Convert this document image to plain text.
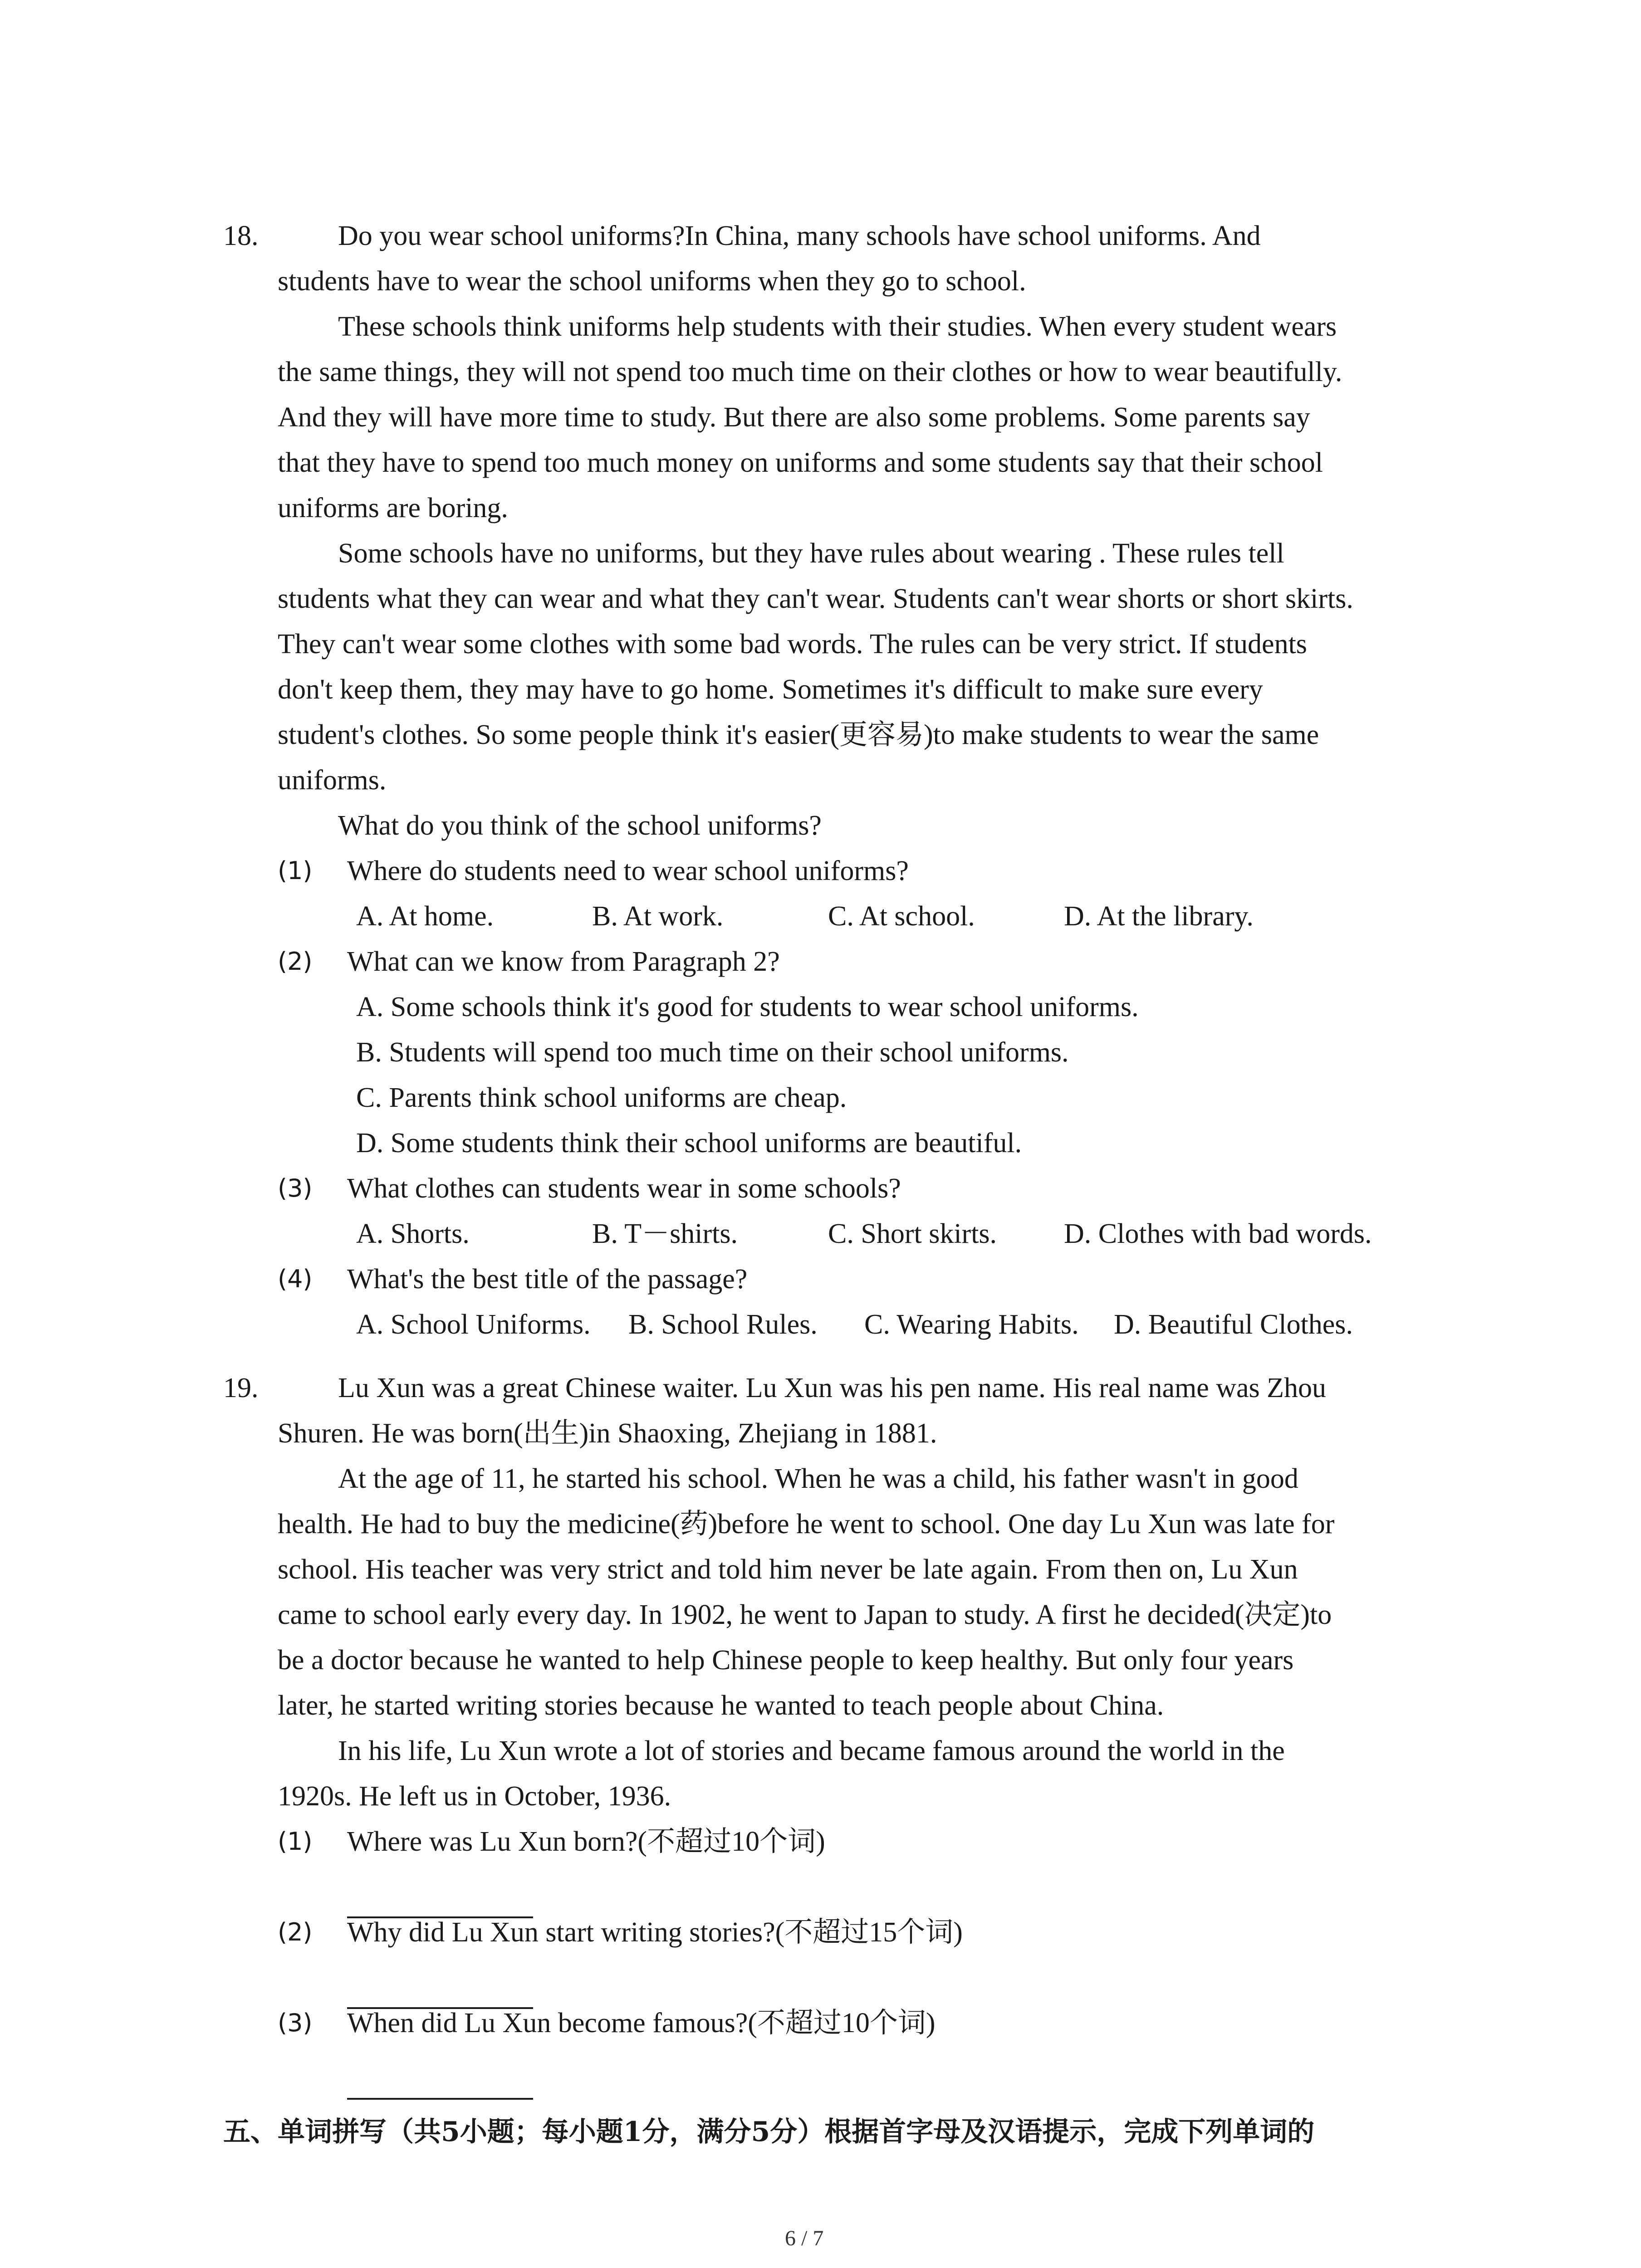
18.	Do you wear school uniforms?In China, many schools have school uniforms. And
students have to wear the school uniforms when they go to school.
These schools think uniforms help students with their studies. When every student wears
the same things, they will not spend too much time on their clothes or how to wear beautifully.
And they will have more time to study. But there are also some problems. Some parents say
that they have to spend too much money on uniforms and some students say that their school
uniforms are boring.
Some schools have no uniforms, but they have rules about wearing . These rules tell
students what they can wear and what they can't wear. Students can't wear shorts or short skirts.
They can't wear some clothes with some bad words. The rules can be very strict. If students
don't keep them, they may have to go home. Sometimes it's difficult to make sure every
student's clothes. So some people think it's easier(更容易)to make students to wear the same
uniforms.
What do you think of the school uniforms?
(1) Where do students need to wear school uniforms?
A. At home.	B. At work.	C. At school.	D. At the library.
(2) What can we know from Paragraph 2?
A. Some schools think it's good for students to wear school uniforms.
B. Students will spend too much time on their school uniforms.
C. Parents think school uniforms are cheap.
D. Some students think their school uniforms are beautiful.
(3) What clothes can students wear in some schools?
A. Shorts.	B. T－shirts.	C. Short skirts. D. Clothes with bad words.
(4) What's the best title of the passage?
A. School Uniforms. B. School Rules. C. Wearing Habits. D. Beautiful Clothes.
19.	Lu Xun was a great Chinese waiter. Lu Xun was his pen name. His real name was Zhou
Shuren. He was born(出生)in Shaoxing, Zhejiang in 1881.
At the age of 11, he started his school. When he was a child, his father wasn't in good
health. He had to buy the medicine(药)before he went to school. One day Lu Xun was late for
school. His teacher was very strict and told him never be late again. From then on, Lu Xun
came to school early every day. In 1902, he went to Japan to study. A first he decided(决定)to
be a doctor because he wanted to help Chinese people to keep healthy. But only four years
later, he started writing stories because he wanted to teach people about China.
In his life, Lu Xun wrote a lot of stories and became famous around the world in the
1920s. He left us in October, 1936.
(1) Where was Lu Xun born?(不超过10个词)
(2) Why did Lu Xun start writing stories?(不超过15个词)
(3) When did Lu Xun become famous?(不超过10个词)
五、单词拼写（共5小题；每小题1分，满分5分）根据首字母及汉语提示，完成下列单词的
6 / 7
